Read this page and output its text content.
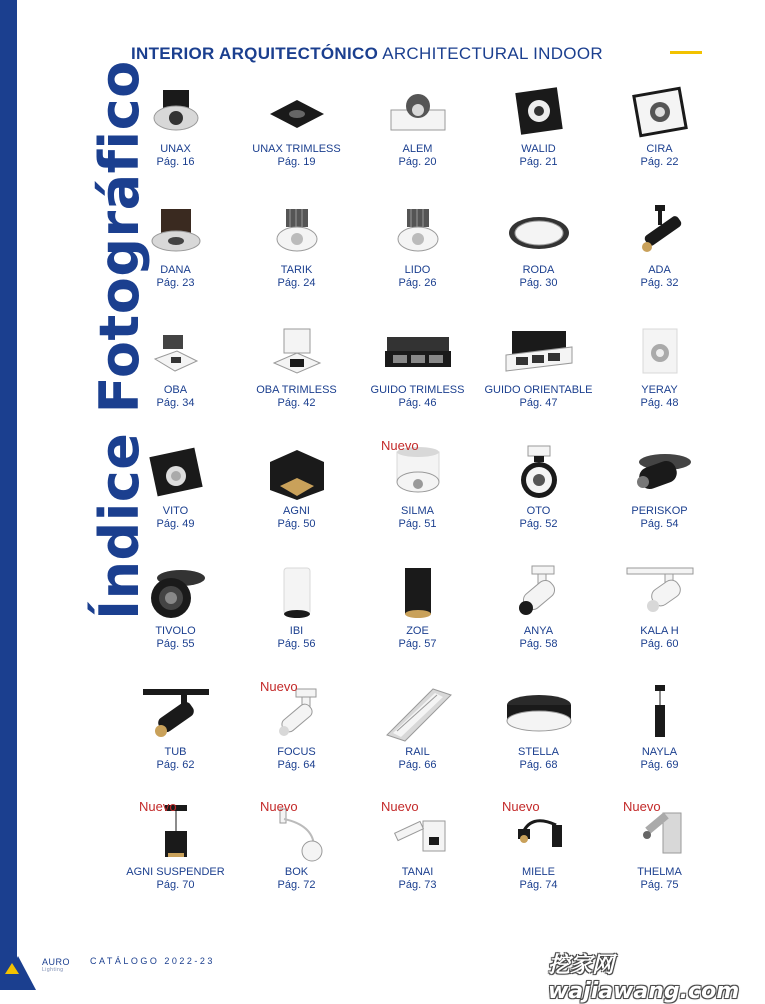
Índice Fotográfico
INTERIOR ARQUITECTÓNICO ARCHITECTURAL INDOOR
UNAX
Pág. 16
UNAX TRIMLESS
Pág. 19
ALEM
Pág. 20
WALID
Pág. 21
CIRA
Pág. 22
DANA
Pág. 23
TARIK
Pág. 24
LIDO
Pág. 26
RODA
Pág. 30
ADA
Pág. 32
OBA
Pág. 34
OBA TRIMLESS
Pág. 42
GUIDO TRIMLESS
Pág. 46
GUIDO ORIENTABLE
Pág. 47
YERAY
Pág. 48
VITO
Pág. 49
AGNI
Pág. 50
Nuevo
SILMA
Pág. 51
OTO
Pág. 52
PERISKOP
Pág. 54
TIVOLO
Pág. 55
IBI
Pág. 56
ZOE
Pág. 57
ANYA
Pág. 58
KALA H
Pág. 60
TUB
Pág. 62
Nuevo
FOCUS
Pág. 64
RAIL
Pág. 66
STELLA
Pág. 68
NAYLA
Pág. 69
Nuevo
AGNI SUSPENDER
Pág. 70
Nuevo
BOK
Pág. 72
Nuevo
TANAI
Pág. 73
Nuevo
MIELE
Pág. 74
Nuevo
THELMA
Pág. 75
6
AURO
Lighting
CATÁLOGO 2022-23	挖家网 wajiawang.com
